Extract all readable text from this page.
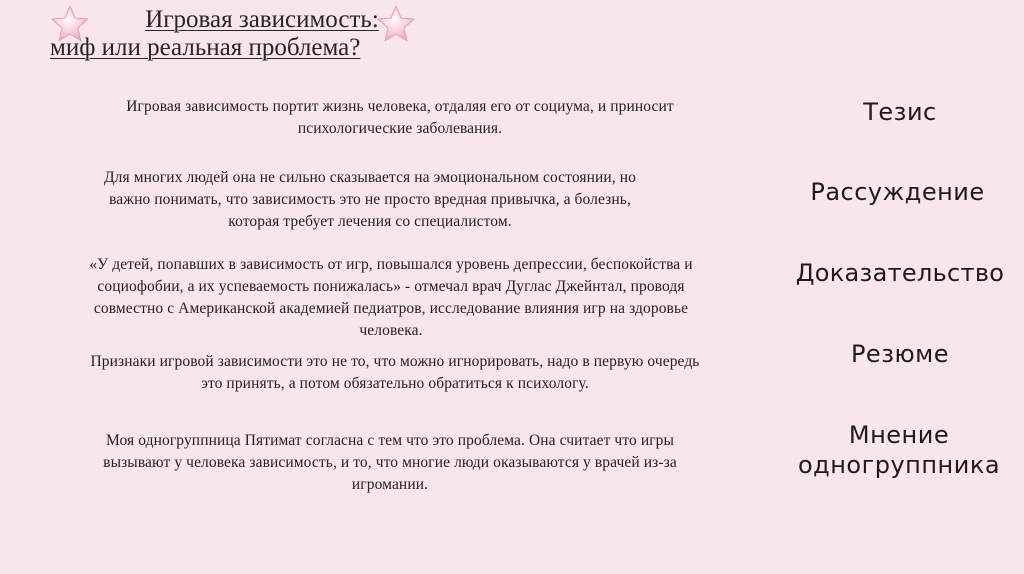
Игровая зависимость:
миф или реальная проблема?
Игровая зависимость портит жизнь человека, отдаляя его от социума, и приносит
психологические заболевания.
Тезис
Для многих людей она не сильно сказывается на эмоциональном состоянии, но
важно понимать, что зависимость это не просто вредная привычка, а болезнь,
которая требует лечения со специалистом.
Рассуждение
«У детей, попавших в зависимость от игр, повышался уровень депрессии, беспокойства и
социофобии, а их успеваемость понижалась» - отмечал врач Дуглас Джейнтал, проводя
совместно с Американской академией педиатров, исследование влияния игр на здоровье
человека.
Доказательство
Признаки игровой зависимости это не то, что можно игнорировать, надо в первую очередь
это принять, а потом обязательно обратиться к психологу.
Резюме
Моя одногруппница Пятимат согласна с тем что это проблема. Она считает что игры
вызывают у человека зависимость, и то, что многие люди оказываются у врачей из-за
игромании.
Мнение
одногруппника
